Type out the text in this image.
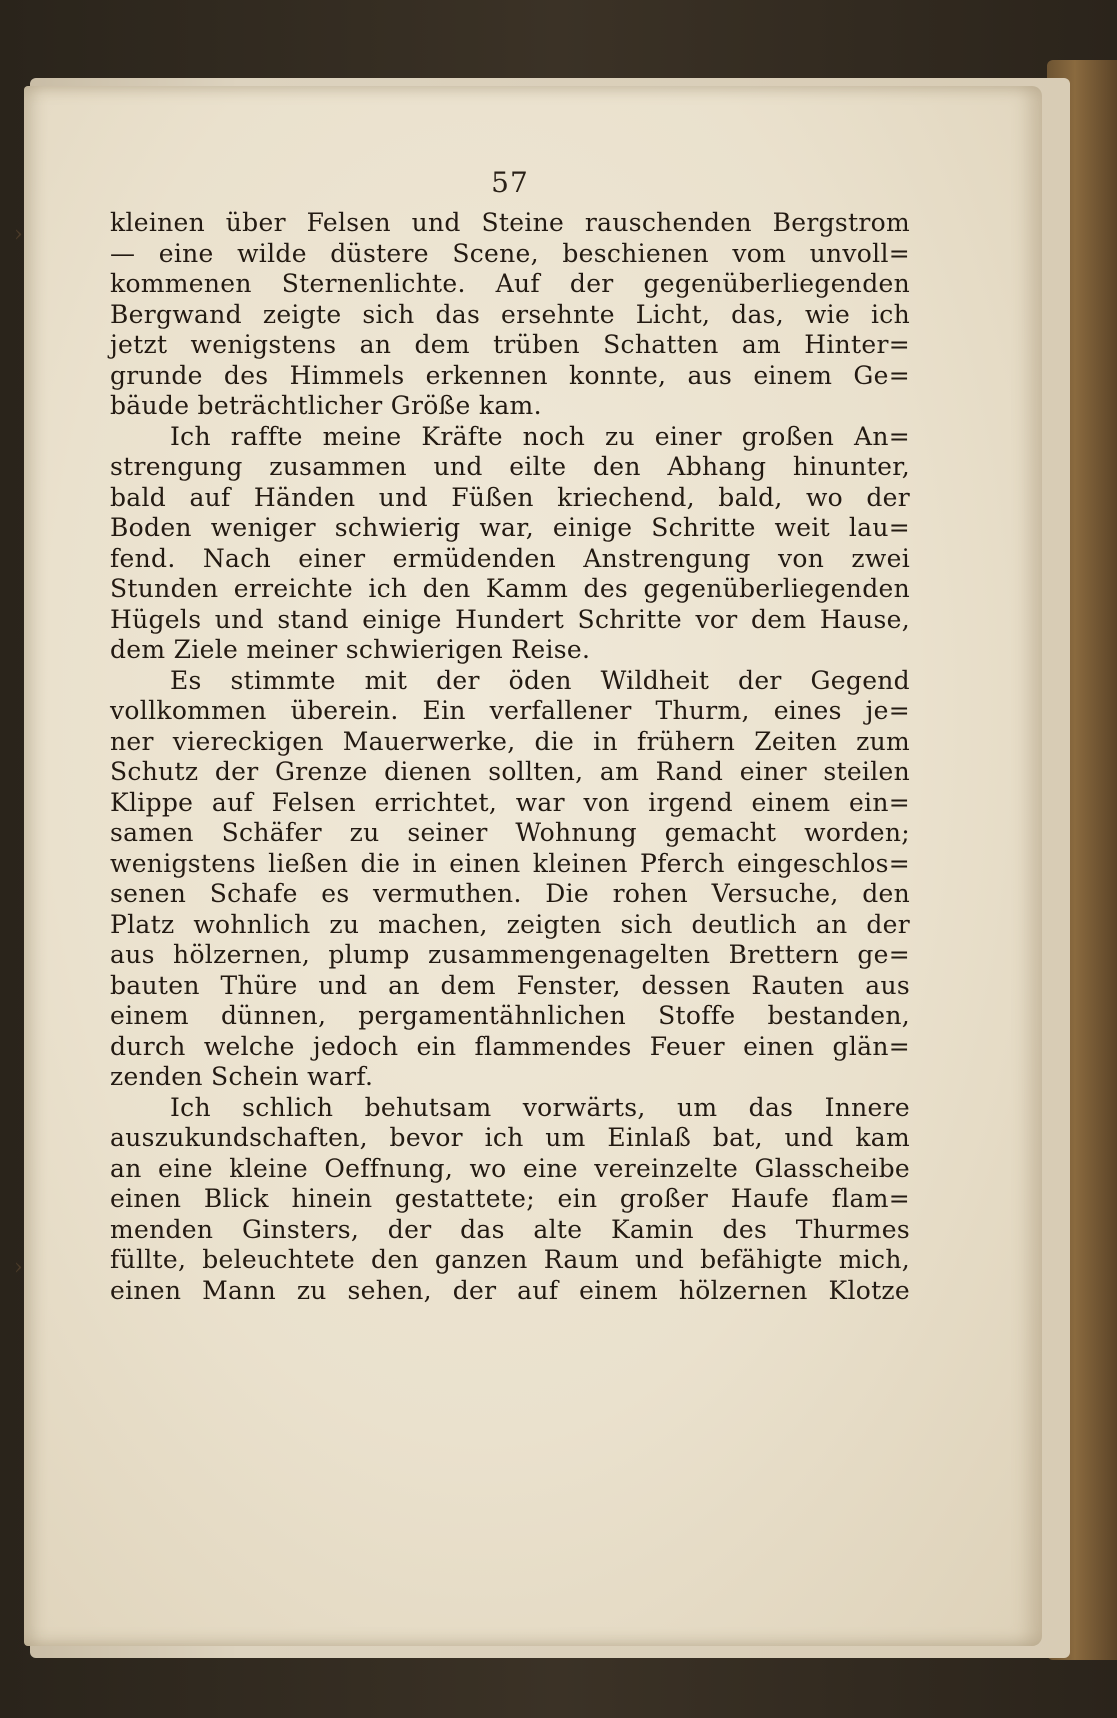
›
›
57
kleinen über Felsen und Steine rauschenden Bergstrom
— eine wilde düstere Scene, beschienen vom unvoll=
kommenen Sternenlichte. Auf der gegenüberliegenden
Bergwand zeigte sich das ersehnte Licht, das, wie ich
jetzt wenigstens an dem trüben Schatten am Hinter=
grunde des Himmels erkennen konnte, aus einem Ge=
bäude beträchtlicher Größe kam.
Ich raffte meine Kräfte noch zu einer großen An=
strengung zusammen und eilte den Abhang hinunter,
bald auf Händen und Füßen kriechend, bald, wo der
Boden weniger schwierig war, einige Schritte weit lau=
fend. Nach einer ermüdenden Anstrengung von zwei
Stunden erreichte ich den Kamm des gegenüberliegenden
Hügels und stand einige Hundert Schritte vor dem Hause,
dem Ziele meiner schwierigen Reise.
Es stimmte mit der öden Wildheit der Gegend
vollkommen überein. Ein verfallener Thurm, eines je=
ner viereckigen Mauerwerke, die in frühern Zeiten zum
Schutz der Grenze dienen sollten, am Rand einer steilen
Klippe auf Felsen errichtet, war von irgend einem ein=
samen Schäfer zu seiner Wohnung gemacht worden;
wenigstens ließen die in einen kleinen Pferch eingeschlos=
senen Schafe es vermuthen. Die rohen Versuche, den
Platz wohnlich zu machen, zeigten sich deutlich an der
aus hölzernen, plump zusammengenagelten Brettern ge=
bauten Thüre und an dem Fenster, dessen Rauten aus
einem dünnen, pergamentähnlichen Stoffe bestanden,
durch welche jedoch ein flammendes Feuer einen glän=
zenden Schein warf.
Ich schlich behutsam vorwärts, um das Innere
auszukundschaften, bevor ich um Einlaß bat, und kam
an eine kleine Oeffnung, wo eine vereinzelte Glasscheibe
einen Blick hinein gestattete; ein großer Haufe flam=
menden Ginsters, der das alte Kamin des Thurmes
füllte, beleuchtete den ganzen Raum und befähigte mich,
einen Mann zu sehen, der auf einem hölzernen Klotze
